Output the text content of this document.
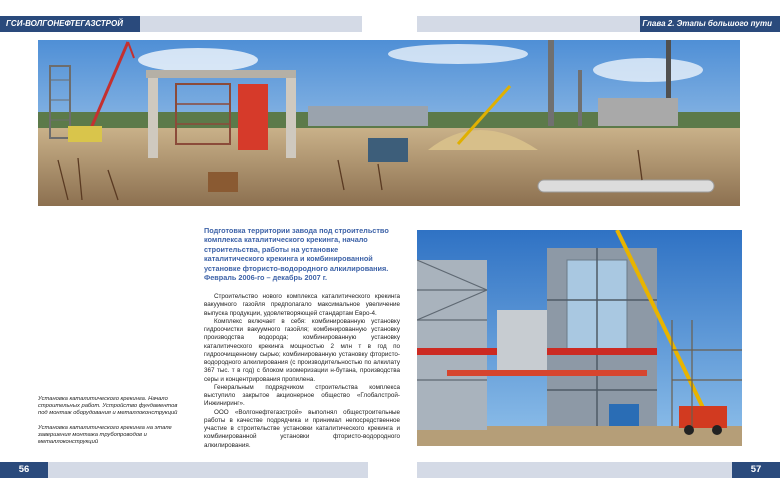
ГСИ-ВОЛГОНЕФТЕГАЗСТРОЙ	Глава 2. Этапы большого пути
Подготовка территории завода под строительство комплекса каталитического крекинга, начало строительства, работы на установке каталитического крекинга и комбинированной установке фтористо-водородного алкилирования.
Февраль 2006-го – декабрь 2007 г.

Строительство нового комплекса каталитического крекинга вакуумного газойля предполагало максимальное увеличение выпуска продукции, удовлетворяющей стандартам Евро-4.

Комплекс включает в себя: комбинированную установку гидроочистки вакуумного газойля; комбинированную установку производства водорода; комбинированную установку каталитического крекинга мощностью 2 млн т в год по гидроочищенному сырью; комбинированную установку фтористо-водородного алкилирования (с производительностью по алкилату 367 тыс. т в год) с блоком изомеризации н-бутана, производства серы и концентрирования пропилена.

Генеральным подрядчиком строительства комплекса выступило закрытое акционерное общество «Глобалстрой-Инжиниринг».

ООО «Волгонефтегазстрой» выполнял общестроительные работы в качестве подрядчика и принимал непосредственное участие в строительстве установки каталитического крекинга и комбинированной установки фтористо-водородного алкилирования.

Установка каталитического крекинга. Начало строительных работ. Устройство фундаментов под монтаж оборудования и металлоконструкций

Установка каталитического крекинга на этапе завершения монтажа трубопроводов и металлоконструкций

56	57
